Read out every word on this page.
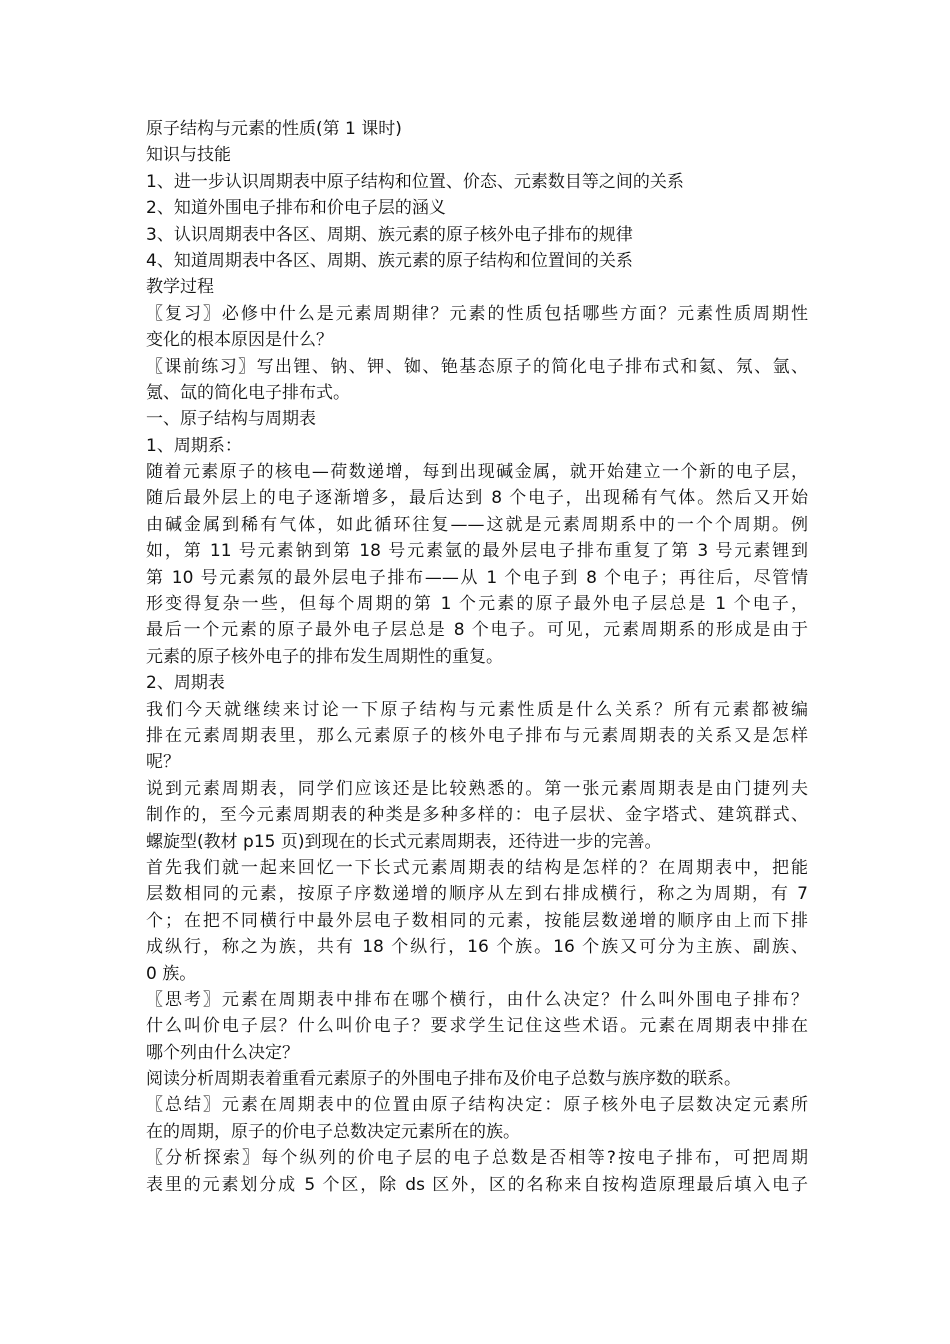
原子结构与元素的性质(第 1 课时)
知识与技能
1、进一步认识周期表中原子结构和位置、价态、元素数目等之间的关系
2、知道外围电子排布和价电子层的涵义
3、认识周期表中各区、周期、族元素的原子核外电子排布的规律
4、知道周期表中各区、周期、族元素的原子结构和位置间的关系
教学过程
〖复习〗必修中什么是元素周期律？元素的性质包括哪些方面？元素性质周期性
变化的根本原因是什么？
〖课前练习〗写出锂、钠、钾、铷、铯基态原子的简化电子排布式和氦、氖、氩、
氪、氙的简化电子排布式。
一、原子结构与周期表
1、周期系：
随着元素原子的核电—荷数递增，每到出现碱金属，就开始建立一个新的电子层，
随后最外层上的电子逐渐增多，最后达到 8 个电子，出现稀有气体。然后又开始
由碱金属到稀有气体，如此循环往复——这就是元素周期系中的一个个周期。例
如，第 11 号元素钠到第 18 号元素氩的最外层电子排布重复了第 3 号元素锂到
第 10 号元素氖的最外层电子排布——从 1 个电子到 8 个电子；再往后，尽管情
形变得复杂一些，但每个周期的第 1 个元素的原子最外电子层总是 1 个电子，
最后一个元素的原子最外电子层总是 8 个电子。可见，元素周期系的形成是由于
元素的原子核外电子的排布发生周期性的重复。
2、周期表
我们今天就继续来讨论一下原子结构与元素性质是什么关系？所有元素都被编
排在元素周期表里，那么元素原子的核外电子排布与元素周期表的关系又是怎样
呢？
说到元素周期表，同学们应该还是比较熟悉的。第一张元素周期表是由门捷列夫
制作的，至今元素周期表的种类是多种多样的：电子层状、金字塔式、建筑群式、
螺旋型(教材 p15 页)到现在的长式元素周期表，还待进一步的完善。
首先我们就一起来回忆一下长式元素周期表的结构是怎样的？在周期表中，把能
层数相同的元素，按原子序数递增的顺序从左到右排成横行，称之为周期，有 7
个；在把不同横行中最外层电子数相同的元素，按能层数递增的顺序由上而下排
成纵行，称之为族，共有 18 个纵行，16 个族。16 个族又可分为主族、副族、
0 族。
〖思考〗元素在周期表中排布在哪个横行，由什么决定？什么叫外围电子排布？
什么叫价电子层？什么叫价电子？要求学生记住这些术语。元素在周期表中排在
哪个列由什么决定？
阅读分析周期表着重看元素原子的外围电子排布及价电子总数与族序数的联系。
〖总结〗元素在周期表中的位置由原子结构决定：原子核外电子层数决定元素所
在的周期，原子的价电子总数决定元素所在的族。
〖分析探索〗每个纵列的价电子层的电子总数是否相等?按电子排布，可把周期
表里的元素划分成 5 个区，除 ds 区外，区的名称来自按构造原理最后填入电子
